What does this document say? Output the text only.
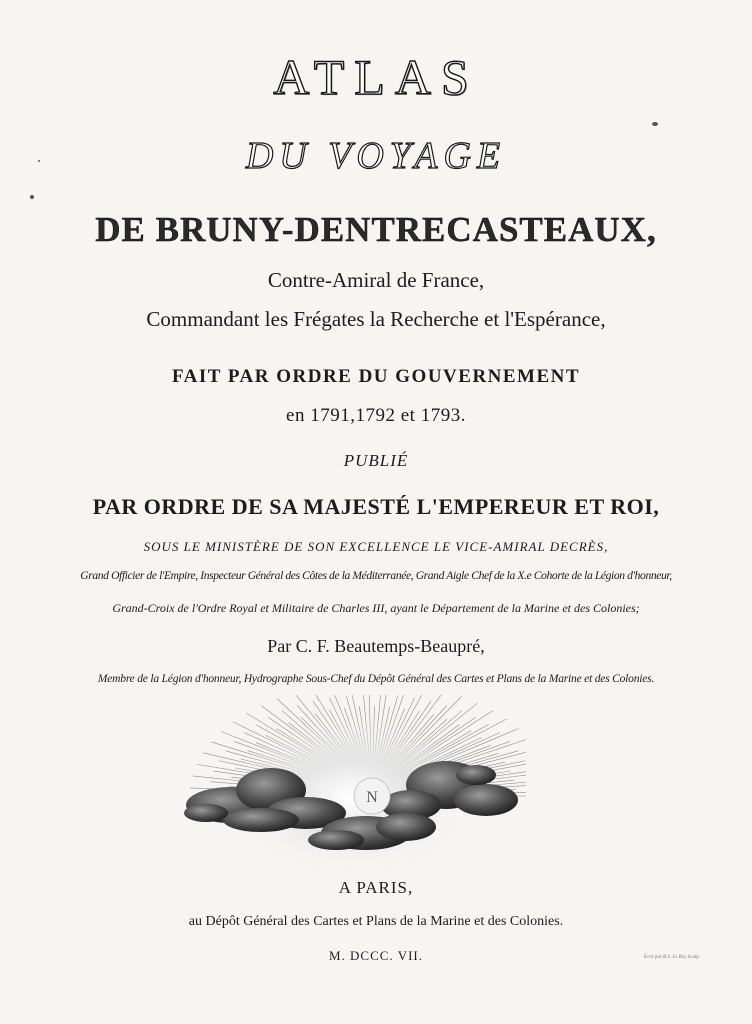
ATLAS
DU VOYAGE
DE BRUNY-DENTRECASTEAUX,
Contre-Amiral de France,
Commandant les Frégates la Recherche et l'Espérance,
FAIT PAR ORDRE DU GOUVERNEMENT
en 1791,1792 et 1793.
PUBLIÉ
PAR ORDRE DE SA MAJESTÉ L'EMPEREUR ET ROI,
SOUS LE MINISTÈRE DE SON EXCELLENCE LE VICE-AMIRAL DECRÈS,
Grand Officier de l'Empire, Inspecteur Général des Côtes de la Méditerranée, Grand Aigle Chef de la X.e Cohorte de la Légion d'honneur,
Grand-Croix de l'Ordre Royal et Militaire de Charles III, ayant le Département de la Marine et des Colonies;
Par C. F. Beautemps-Beaupré,
Membre de la Légion d'honneur, Hydrographe Sous-Chef du Dépôt Général des Cartes et Plans de la Marine et des Colonies.
N
A PARIS,
au Dépôt Général des Cartes et Plans de la Marine et des Colonies.
M. DCCC. VII.	Écrit par B.S. Le Roy Sculp.
